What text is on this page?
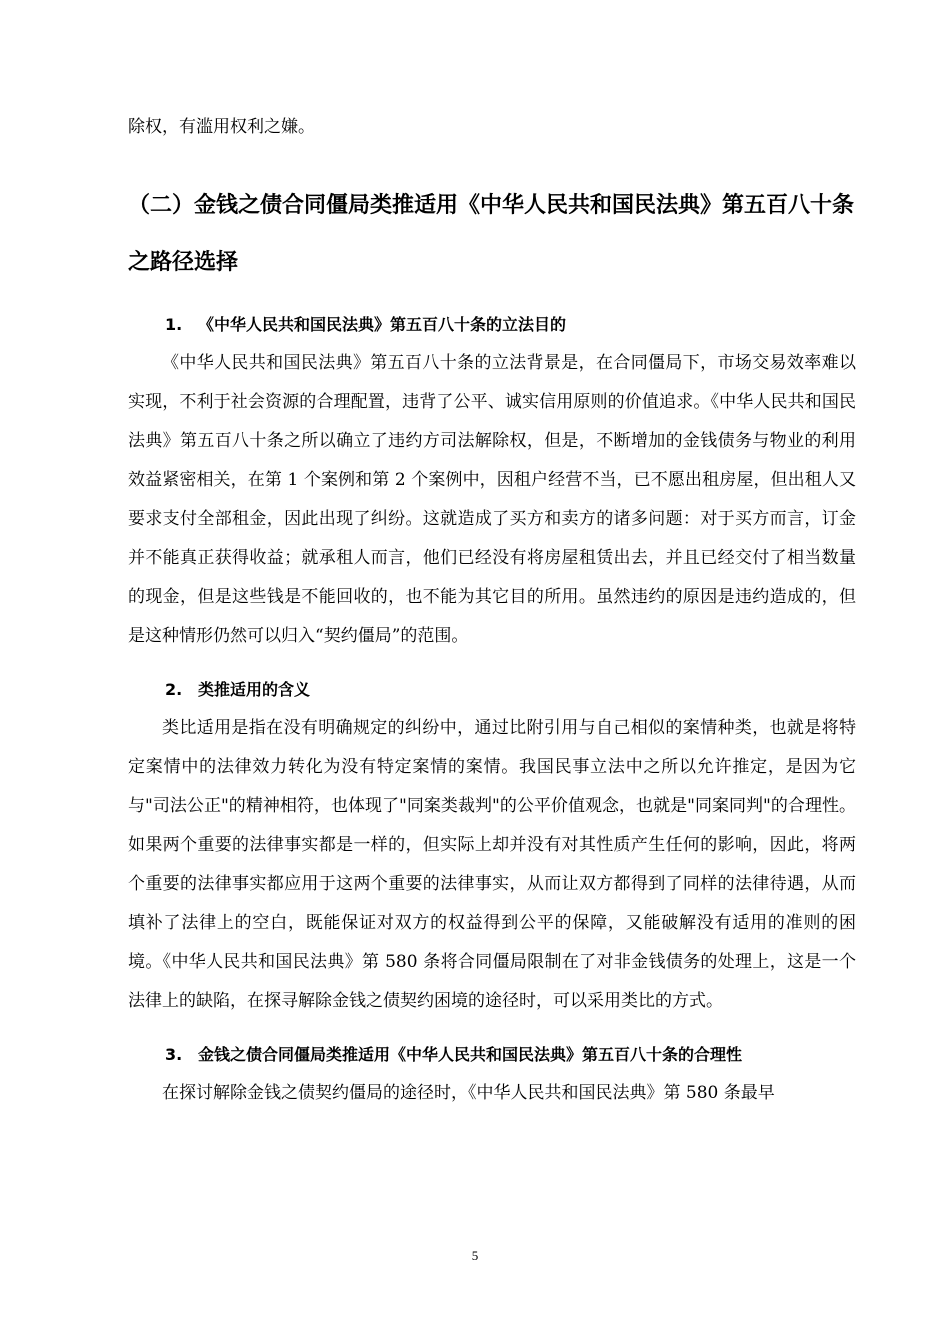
除权，有滥用权利之嫌。

（二）金钱之债合同僵局类推适用《中华人民共和国民法典》第五百八十条之路径选择
1. 《中华人民共和国民法典》第五百八十条的立法目的

《中华人民共和国民法典》第五百八十条的立法背景是，在合同僵局下，市场交易效率难以实现，不利于社会资源的合理配置，违背了公平、诚实信用原则的价值追求。《中华人民共和国民法典》第五百八十条之所以确立了违约方司法解除权，但是，不断增加的金钱债务与物业的利用效益紧密相关，在第 1 个案例和第 2 个案例中，因租户经营不当，已不愿出租房屋，但出租人又要求支付全部租金，因此出现了纠纷。这就造成了买方和卖方的诸多问题：对于买方而言，订金并不能真正获得收益；就承租人而言，他们已经没有将房屋租赁出去，并且已经交付了相当数量的现金，但是这些钱是不能回收的，也不能为其它目的所用。虽然违约的原因是违约造成的，但是这种情形仍然可以归入“契约僵局”的范围。

2. 类推适用的含义

类比适用是指在没有明确规定的纠纷中，通过比附引用与自己相似的案情种类，也就是将特定案情中的法律效力转化为没有特定案情的案情。我国民事立法中之所以允许推定，是因为它与"司法公正"的精神相符，也体现了"同案类裁判"的公平价值观念，也就是"同案同判"的合理性。如果两个重要的法律事实都是一样的，但实际上却并没有对其性质产生任何的影响，因此，将两个重要的法律事实都应用于这两个重要的法律事实，从而让双方都得到了同样的法律待遇，从而填补了法律上的空白，既能保证对双方的权益得到公平的保障，又能破解没有适用的准则的困境。《中华人民共和国民法典》第 580 条将合同僵局限制在了对非金钱债务的处理上，这是一个法律上的缺陷，在探寻解除金钱之债契约困境的途径时，可以采用类比的方式。

3. 金钱之债合同僵局类推适用《中华人民共和国民法典》第五百八十条的合理性

在探讨解除金钱之债契约僵局的途径时，《中华人民共和国民法典》第 580 条最早

5
